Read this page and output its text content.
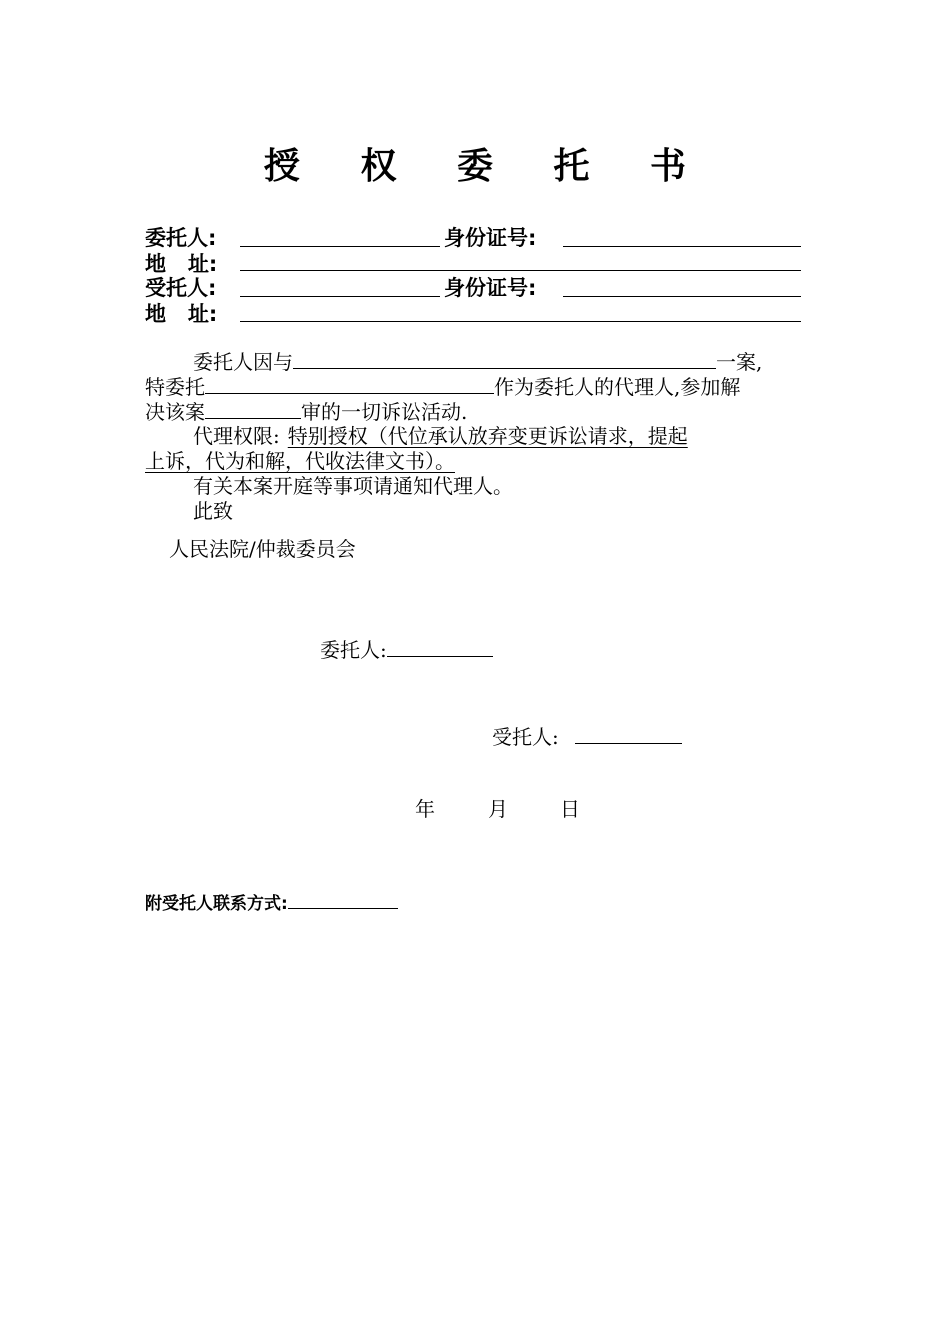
授 权 委 托 书
委托人:	身份证号:
地   址:
受托人:	身份证号:
地   址:
委托人因与	一案,
特委托	作为委托人的代理人,参加解
决该案	审的一切诉讼活动.
代理权限: 特别授权（代位承认放弃变更诉讼请求，提起
上诉，代为和解，代收法律文书）。
有关本案开庭等事项请通知代理人。
此致
人民法院/仲裁委员会
委托人:
受托人:
年	月	日
附受托人联系方式:
